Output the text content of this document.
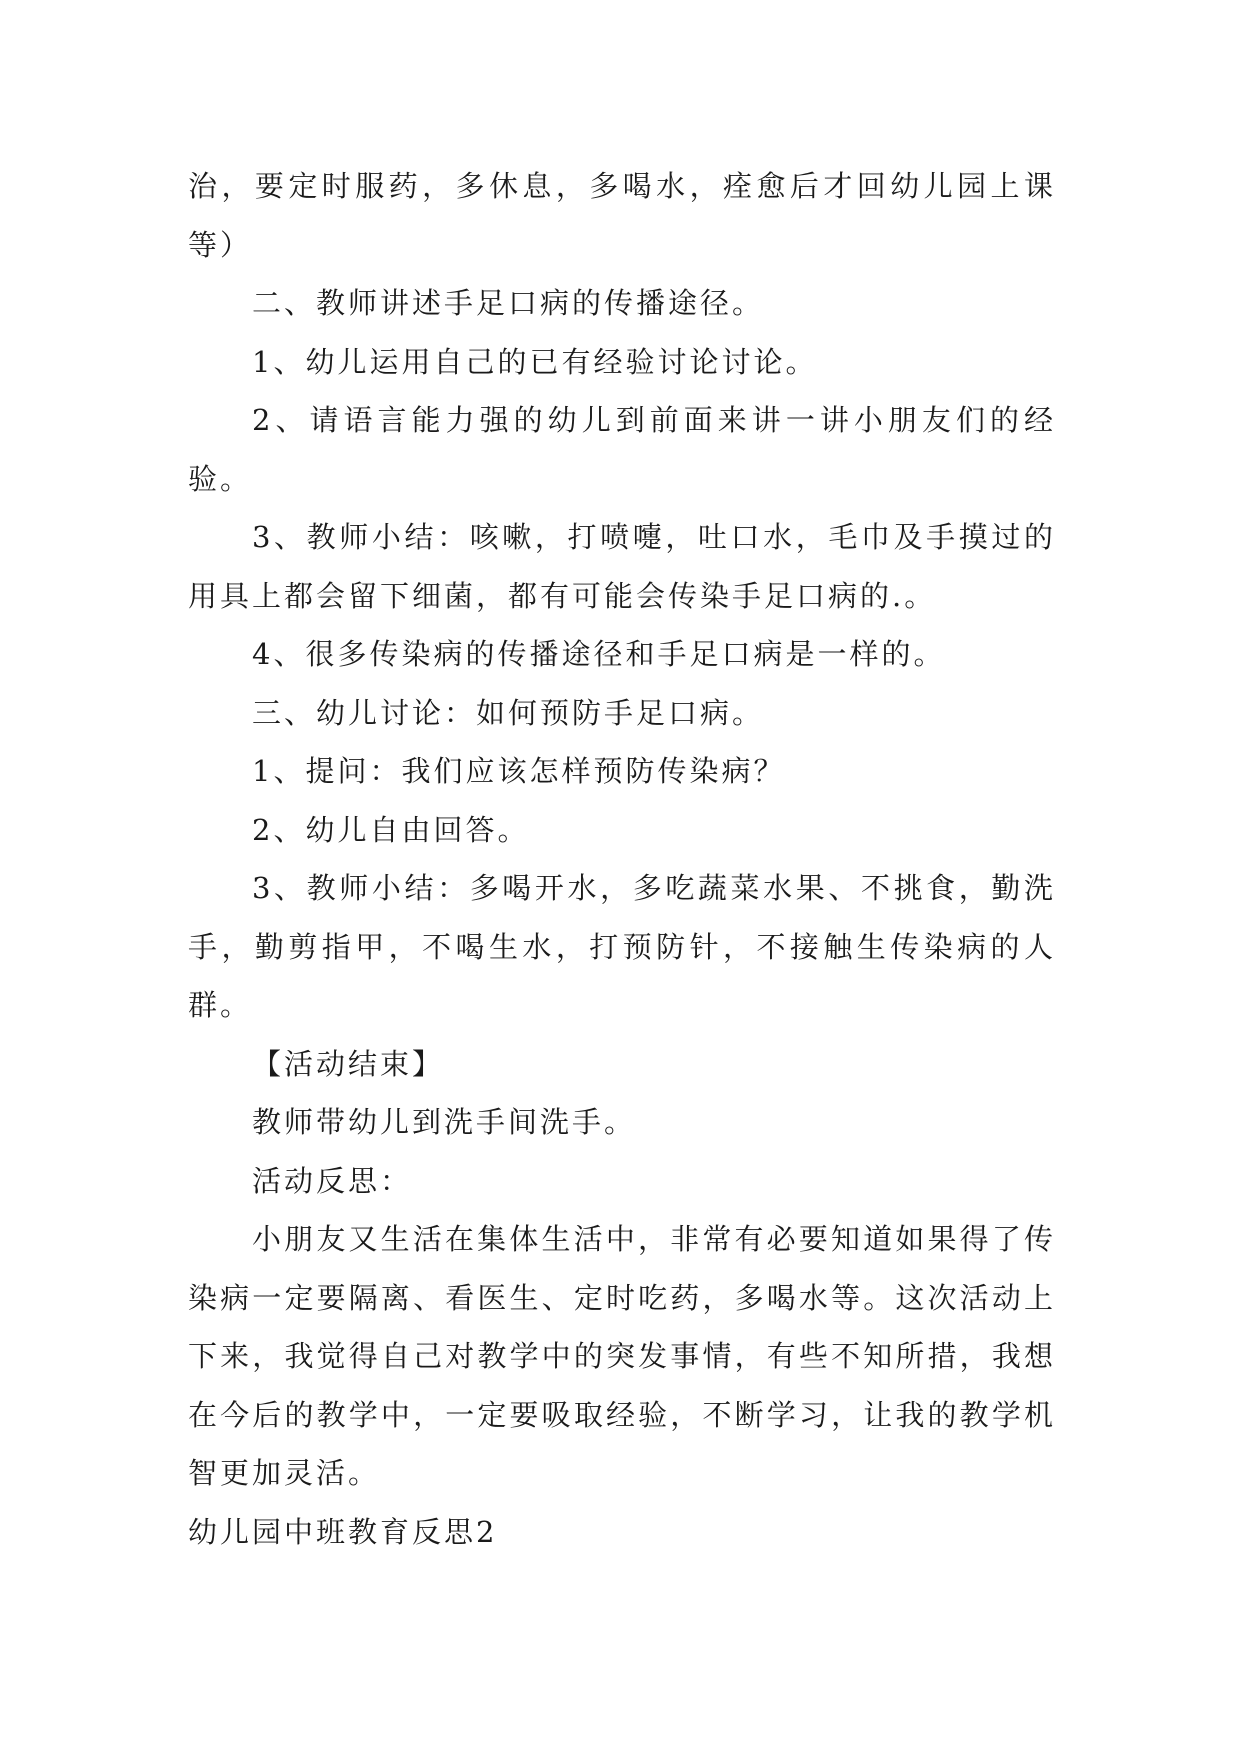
治，要定时服药，多休息，多喝水，痊愈后才回幼儿园上课等）

二、教师讲述手足口病的传播途径。

1、幼儿运用自己的已有经验讨论讨论。

2、请语言能力强的幼儿到前面来讲一讲小朋友们的经验。

3、教师小结：咳嗽，打喷嚏，吐口水，毛巾及手摸过的用具上都会留下细菌，都有可能会传染手足口病的.。

4、很多传染病的传播途径和手足口病是一样的。

三、幼儿讨论：如何预防手足口病。

1、提问：我们应该怎样预防传染病？

2、幼儿自由回答。

3、教师小结：多喝开水，多吃蔬菜水果、不挑食，勤洗手，勤剪指甲，不喝生水，打预防针，不接触生传染病的人群。

【活动结束】

教师带幼儿到洗手间洗手。

活动反思：

小朋友又生活在集体生活中，非常有必要知道如果得了传染病一定要隔离、看医生、定时吃药，多喝水等。这次活动上下来，我觉得自己对教学中的突发事情，有些不知所措，我想在今后的教学中，一定要吸取经验，不断学习，让我的教学机智更加灵活。

幼儿园中班教育反思2
